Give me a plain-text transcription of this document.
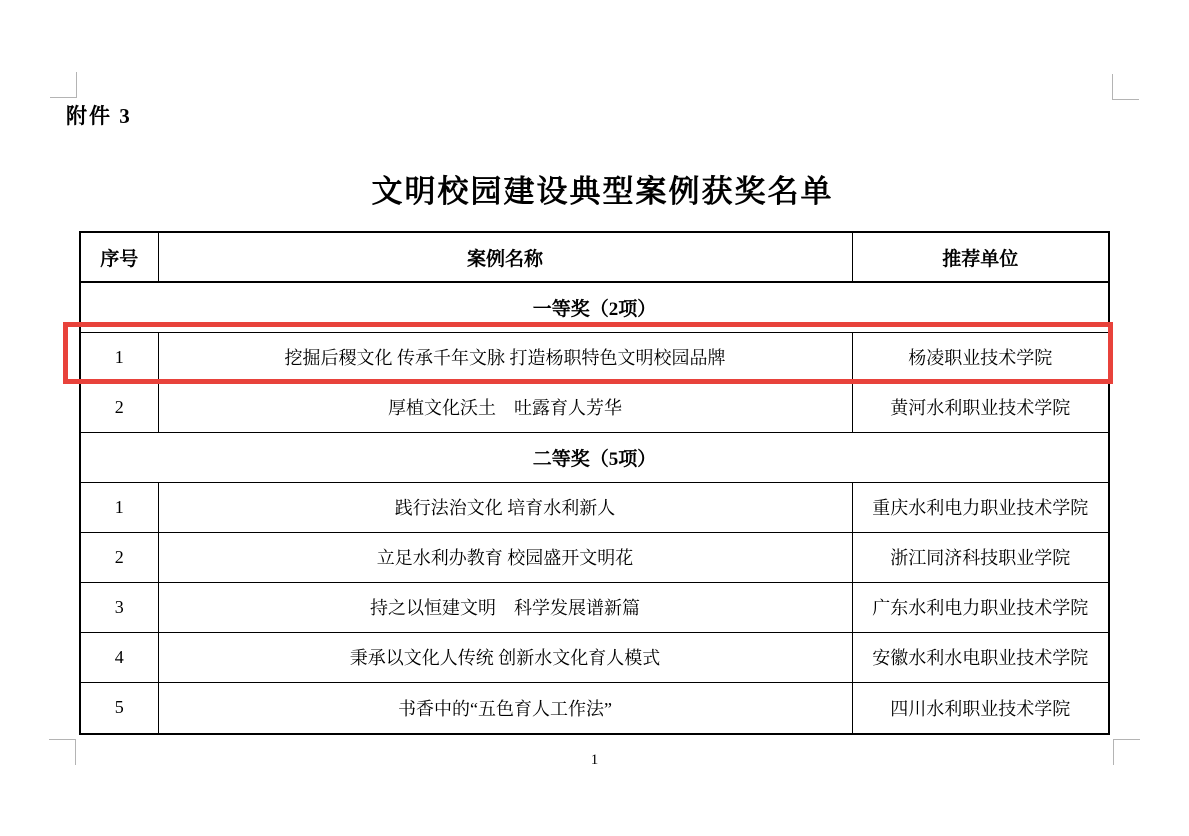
附件 3
文明校园建设典型案例获奖名单
序号	案例名称	推荐单位
一等奖（2项）		
1	挖掘后稷文化 传承千年文脉 打造杨职特色文明校园品牌	杨凌职业技术学院
2	厚植文化沃土　吐露育人芳华	黄河水利职业技术学院
二等奖（5项）		
1	践行法治文化 培育水利新人	重庆水利电力职业技术学院
2	立足水利办教育 校园盛开文明花	浙江同济科技职业学院
3	持之以恒建文明　科学发展谱新篇	广东水利电力职业技术学院
4	秉承以文化人传统 创新水文化育人模式	安徽水利水电职业技术学院
5	书香中的“五色育人工作法”	四川水利职业技术学院
1
